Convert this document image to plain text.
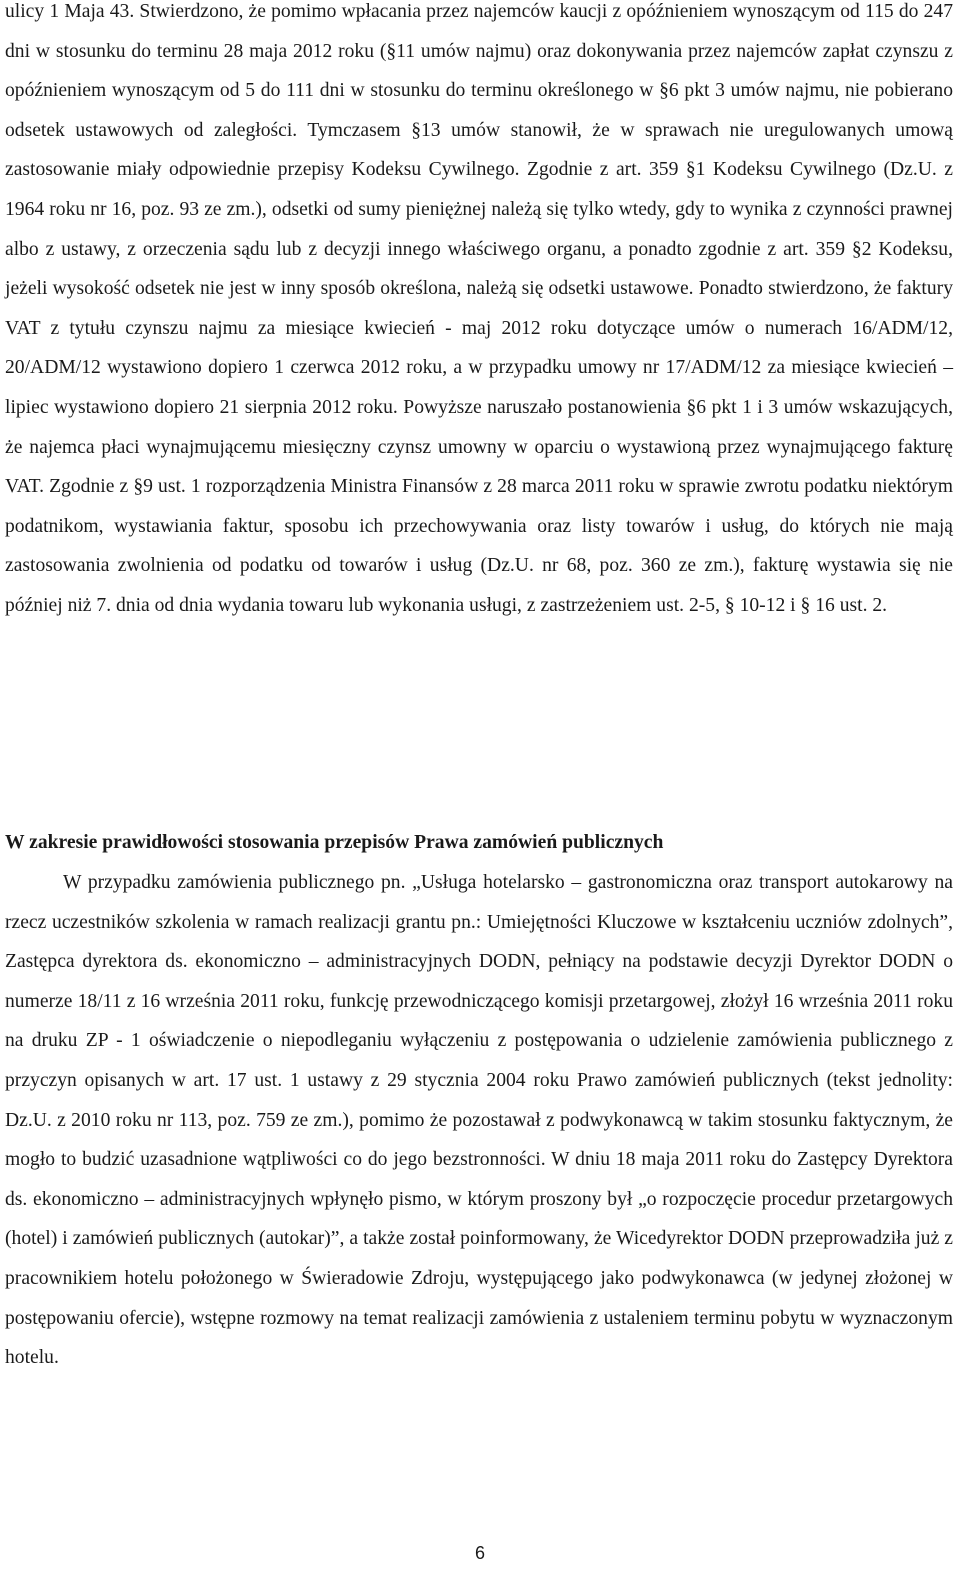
ulicy 1 Maja 43. Stwierdzono, że pomimo wpłacania przez najemców kaucji z opóźnieniem wynoszącym od 115 do 247 dni w stosunku do terminu 28 maja 2012 roku (§11 umów najmu) oraz dokonywania przez najemców zapłat czynszu z opóźnieniem wynoszącym od 5 do 111 dni w stosunku do terminu określonego w §6 pkt 3 umów najmu, nie pobierano odsetek ustawowych od zaległości. Tymczasem §13 umów stanowił, że w sprawach nie uregulowanych umową zastosowanie miały odpowiednie przepisy Kodeksu Cywilnego. Zgodnie z art. 359 §1 Kodeksu Cywilnego (Dz.U. z 1964 roku nr 16, poz. 93 ze zm.), odsetki od sumy pieniężnej należą się tylko wtedy, gdy to wynika z czynności prawnej albo z ustawy, z orzeczenia sądu lub z decyzji innego właściwego organu, a ponadto zgodnie z art. 359 §2 Kodeksu, jeżeli wysokość odsetek nie jest w inny sposób określona, należą się odsetki ustawowe. Ponadto stwierdzono, że faktury VAT z tytułu czynszu najmu za miesiące kwiecień - maj 2012 roku dotyczące umów o numerach 16/ADM/12, 20/ADM/12 wystawiono dopiero 1 czerwca 2012 roku, a w przypadku umowy nr 17/ADM/12 za miesiące kwiecień – lipiec wystawiono dopiero 21 sierpnia 2012 roku. Powyższe naruszało postanowienia §6 pkt 1 i 3 umów wskazujących, że najemca płaci wynajmującemu miesięczny czynsz umowny w oparciu o wystawioną przez wynajmującego fakturę VAT. Zgodnie z §9 ust. 1 rozporządzenia Ministra Finansów z 28 marca 2011 roku w sprawie zwrotu podatku niektórym podatnikom, wystawiania faktur, sposobu ich przechowywania oraz listy towarów i usług, do których nie mają zastosowania zwolnienia od podatku od towarów i usług (Dz.U. nr 68, poz. 360 ze zm.), fakturę wystawia się nie później niż 7. dnia od dnia wydania towaru lub wykonania usługi, z zastrzeżeniem ust. 2-5, § 10-12 i § 16 ust. 2.

W zakresie prawidłowości stosowania przepisów Prawa zamówień publicznych

W przypadku zamówienia publicznego pn. „Usługa hotelarsko – gastronomiczna oraz transport autokarowy na rzecz uczestników szkolenia w ramach realizacji grantu pn.: Umiejętności Kluczowe w kształceniu uczniów zdolnych”, Zastępca dyrektora ds. ekonomiczno – administracyjnych DODN, pełniący na podstawie decyzji Dyrektor DODN o numerze 18/11 z 16 września 2011 roku, funkcję przewodniczącego komisji przetargowej, złożył 16 września 2011 roku na druku ZP - 1 oświadczenie o niepodleganiu wyłączeniu z postępowania o udzielenie zamówienia publicznego z przyczyn opisanych w art. 17 ust. 1 ustawy z 29 stycznia 2004 roku Prawo zamówień publicznych (tekst jednolity: Dz.U. z 2010 roku nr 113, poz. 759 ze zm.), pomimo że pozostawał z podwykonawcą w takim stosunku faktycznym, że mogło to budzić uzasadnione wątpliwości co do jego bezstronności. W dniu 18 maja 2011 roku do Zastępcy Dyrektora ds. ekonomiczno – administracyjnych wpłynęło pismo, w którym proszony był „o rozpoczęcie procedur przetargowych (hotel) i zamówień publicznych (autokar)”, a także został poinformowany, że Wicedyrektor DODN przeprowadziła już z pracownikiem hotelu położonego w Świeradowie Zdroju, występującego jako podwykonawca (w jedynej złożonej w postępowaniu ofercie), wstępne rozmowy na temat realizacji zamówienia z ustaleniem terminu pobytu w wyznaczonym hotelu.

6
